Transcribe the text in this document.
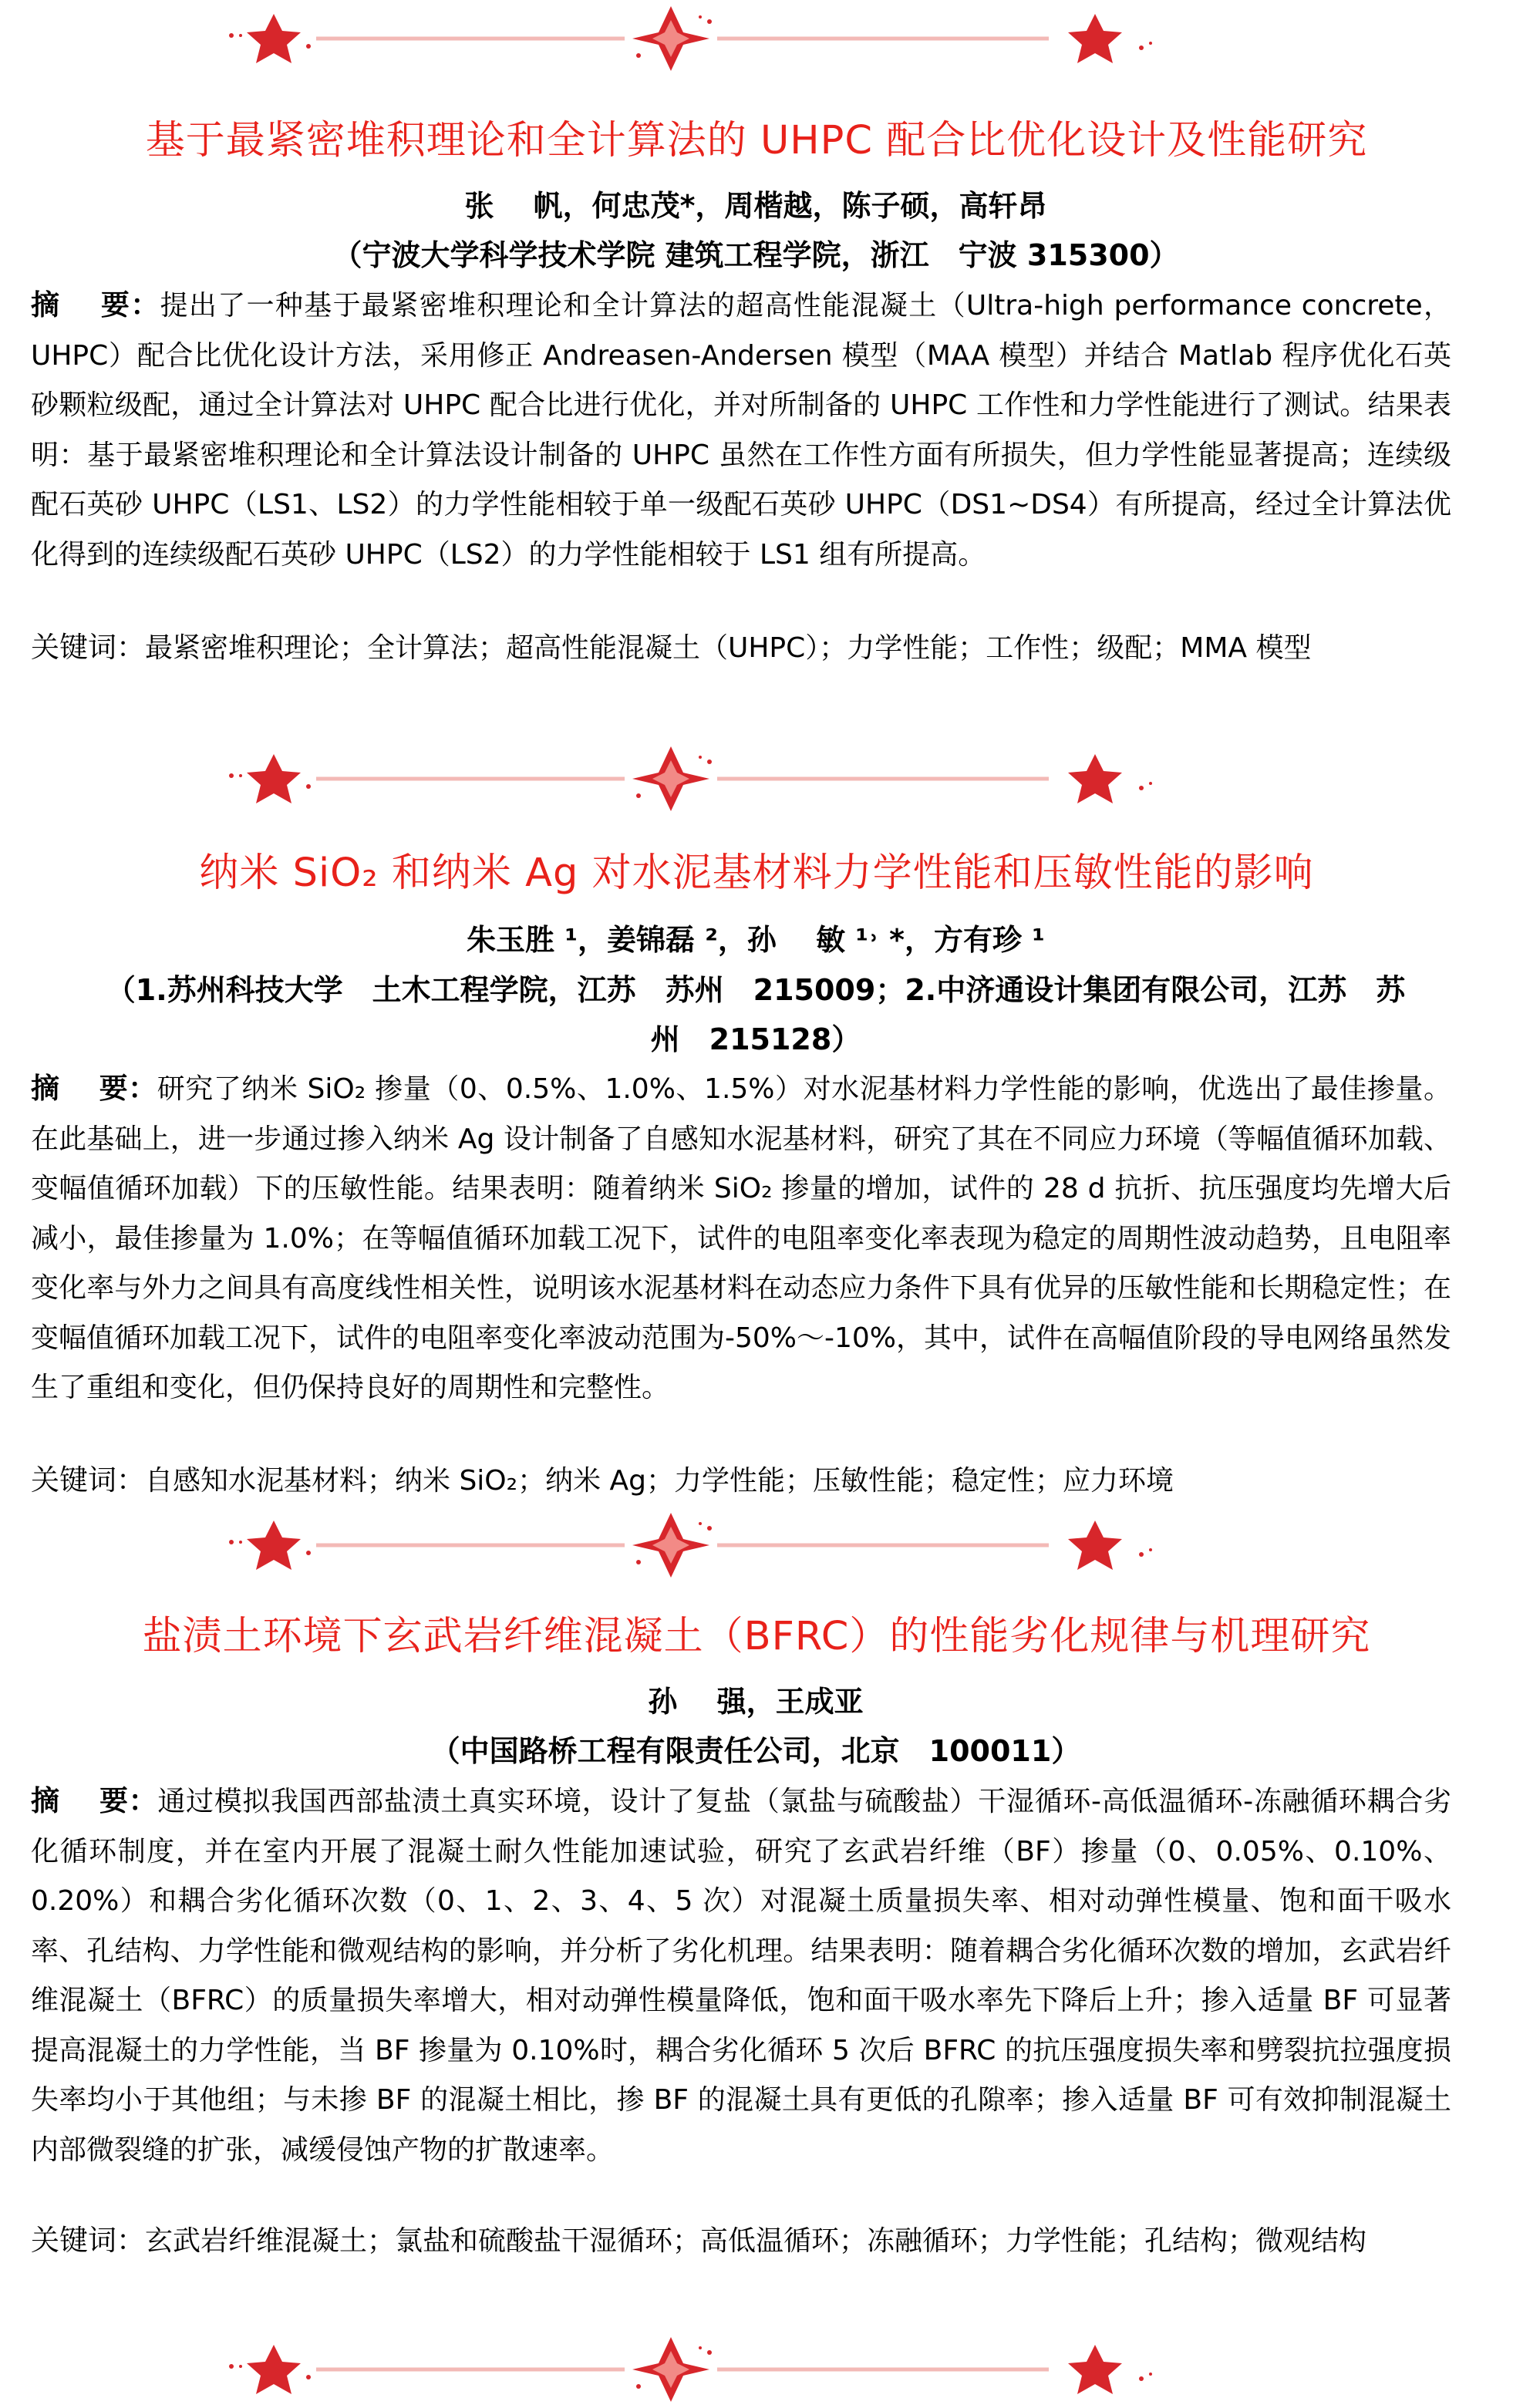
基于最紧密堆积理论和全计算法的 UHPC 配合比优化设计及性能研究
张　 帆，何忠茂*，周楷越，陈子硕，高轩昂
（宁波大学科学技术学院 建筑工程学院，浙江　宁波 315300）
摘　 要：提出了一种基于最紧密堆积理论和全计算法的超高性能混凝土（Ultra-high performance concrete，UHPC）配合比优化设计方法，采用修正 Andreasen-Andersen 模型（MAA 模型）并结合 Matlab 程序优化石英砂颗粒级配，通过全计算法对 UHPC 配合比进行优化，并对所制备的 UHPC 工作性和力学性能进行了测试。结果表明：基于最紧密堆积理论和全计算法设计制备的 UHPC 虽然在工作性方面有所损失，但力学性能显著提高；连续级配石英砂 UHPC（LS1、LS2）的力学性能相较于单一级配石英砂 UHPC（DS1~DS4）有所提高，经过全计算法优化得到的连续级配石英砂 UHPC（LS2）的力学性能相较于 LS1 组有所提高。
关键词：最紧密堆积理论；全计算法；超高性能混凝土（UHPC）；力学性能；工作性；级配；MMA 模型
纳米 SiO₂ 和纳米 Ag 对水泥基材料力学性能和压敏性能的影响
朱玉胜 ¹，姜锦磊 ²，孙　 敏 ¹˒ *，方有珍 ¹
（1.苏州科技大学　土木工程学院，江苏　苏州　215009；2.中济通设计集团有限公司，江苏　苏州　215128）
摘　 要：研究了纳米 SiO₂ 掺量（0、0.5%、1.0%、1.5%）对水泥基材料力学性能的影响，优选出了最佳掺量。在此基础上，进一步通过掺入纳米 Ag 设计制备了自感知水泥基材料，研究了其在不同应力环境（等幅值循环加载、变幅值循环加载）下的压敏性能。结果表明：随着纳米 SiO₂ 掺量的增加，试件的 28 d 抗折、抗压强度均先增大后减小，最佳掺量为 1.0%；在等幅值循环加载工况下，试件的电阻率变化率表现为稳定的周期性波动趋势，且电阻率变化率与外力之间具有高度线性相关性，说明该水泥基材料在动态应力条件下具有优异的压敏性能和长期稳定性；在变幅值循环加载工况下，试件的电阻率变化率波动范围为-50%～-10%，其中，试件在高幅值阶段的导电网络虽然发生了重组和变化，但仍保持良好的周期性和完整性。
关键词：自感知水泥基材料；纳米 SiO₂；纳米 Ag；力学性能；压敏性能；稳定性；应力环境
盐渍土环境下玄武岩纤维混凝土（BFRC）的性能劣化规律与机理研究
孙　 强，王成亚
（中国路桥工程有限责任公司，北京　100011）
摘　 要：通过模拟我国西部盐渍土真实环境，设计了复盐（氯盐与硫酸盐）干湿循环-高低温循环-冻融循环耦合劣化循环制度，并在室内开展了混凝土耐久性能加速试验，研究了玄武岩纤维（BF）掺量（0、0.05%、0.10%、0.20%）和耦合劣化循环次数（0、1、2、3、4、5 次）对混凝土质量损失率、相对动弹性模量、饱和面干吸水率、孔结构、力学性能和微观结构的影响，并分析了劣化机理。结果表明：随着耦合劣化循环次数的增加，玄武岩纤维混凝土（BFRC）的质量损失率增大，相对动弹性模量降低，饱和面干吸水率先下降后上升；掺入适量 BF 可显著提高混凝土的力学性能，当 BF 掺量为 0.10%时，耦合劣化循环 5 次后 BFRC 的抗压强度损失率和劈裂抗拉强度损失率均小于其他组；与未掺 BF 的混凝土相比，掺 BF 的混凝土具有更低的孔隙率；掺入适量 BF 可有效抑制混凝土内部微裂缝的扩张，减缓侵蚀产物的扩散速率。
关键词：玄武岩纤维混凝土；氯盐和硫酸盐干湿循环；高低温循环；冻融循环；力学性能；孔结构；微观结构
